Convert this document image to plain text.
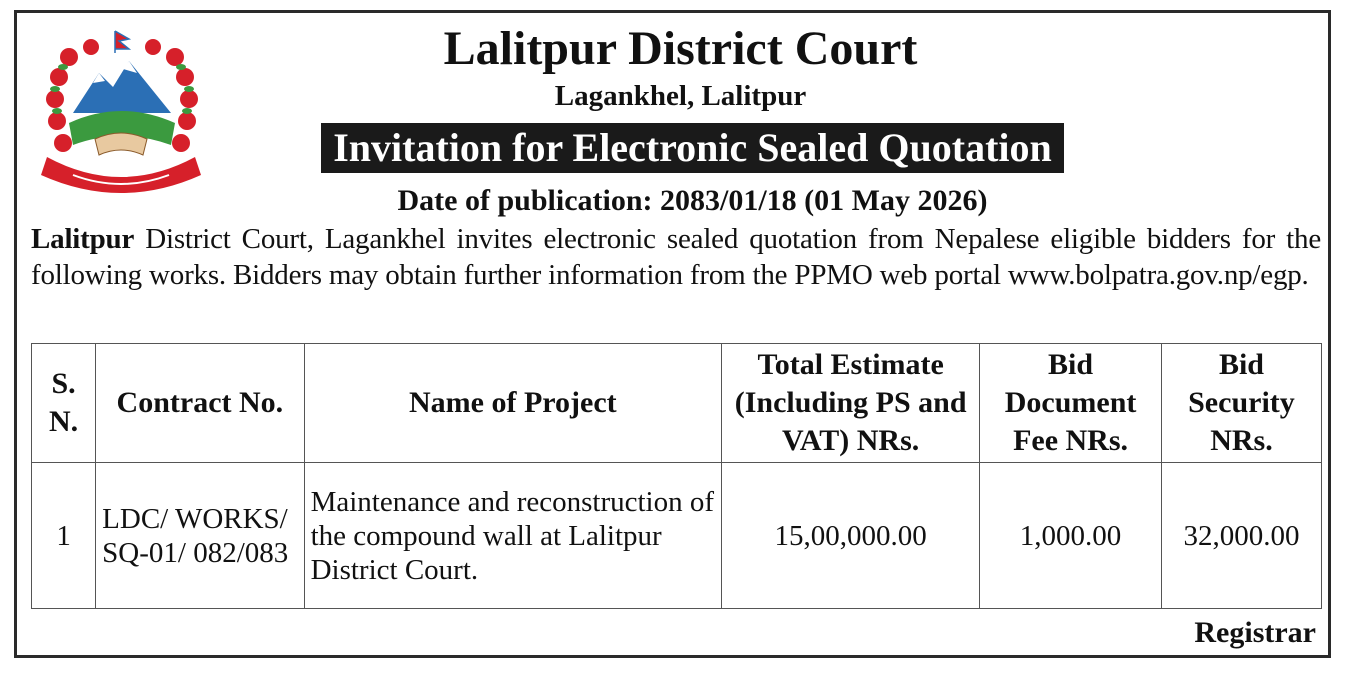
Lalitpur District Court
Lagankhel, Lalitpur
Invitation for Electronic Sealed Quotation
Date of publication: 2083/01/18 (01 May 2026)
Lalitpur District Court, Lagankhel invites electronic sealed quotation from Nepalese eligible bidders for the following works. Bidders may obtain further information from the PPMO web portal www.bolpatra.gov.np/egp.
S. N.	Contract No.	Name of Project	Total Estimate (Including PS and VAT) NRs.	Bid Document Fee NRs.	Bid Security NRs.
1	LDC/ WORKS/ SQ-01/ 082/083	Maintenance and reconstruction of the compound wall at Lalitpur District Court.	15,00,000.00	1,000.00	32,000.00
Registrar
